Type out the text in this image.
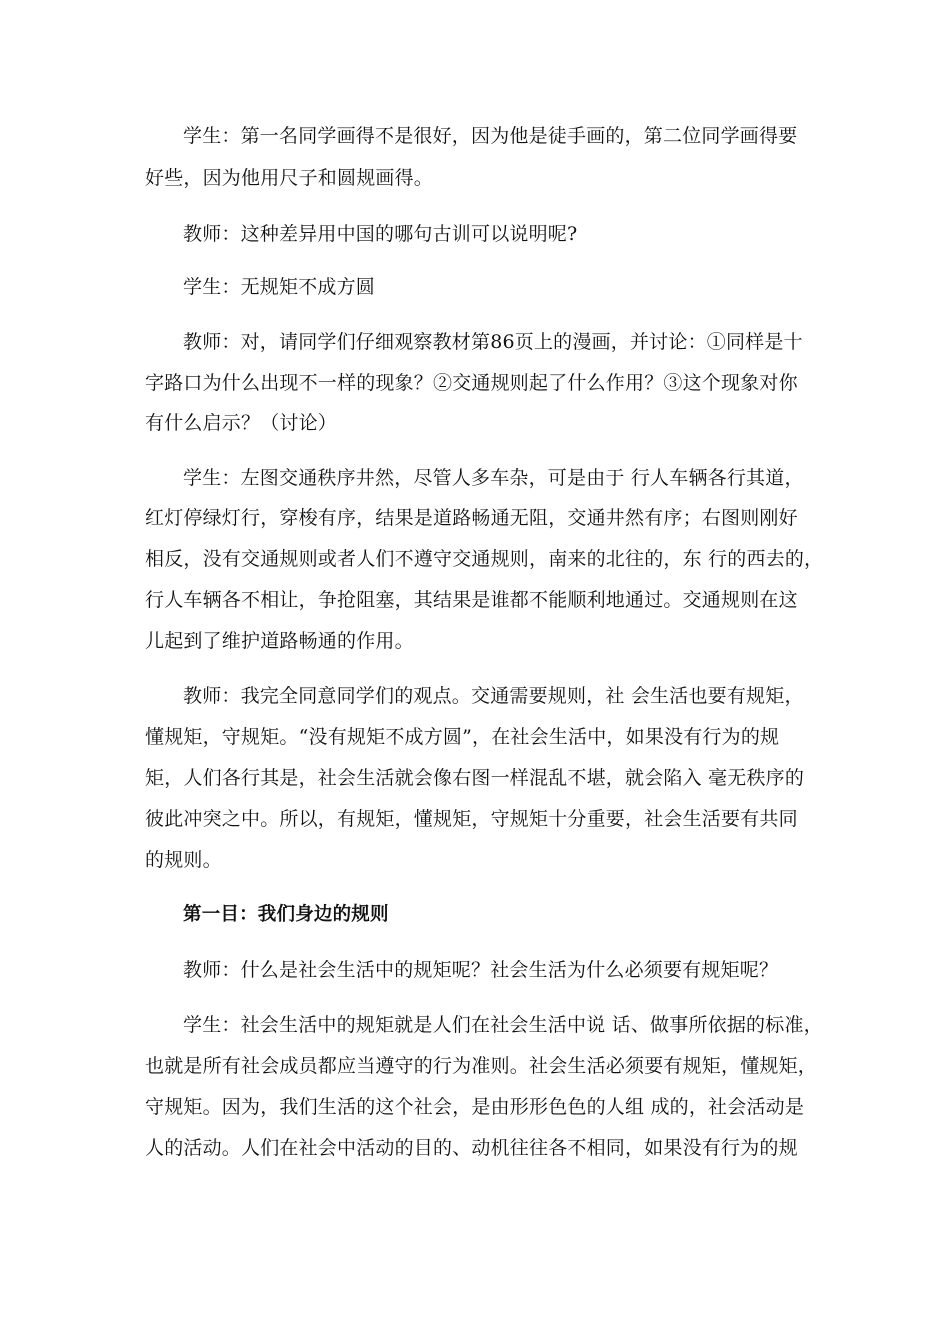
学生：第一名同学画得不是很好，因为他是徒手画的，第二位同学画得要
好些，因为他用尺子和圆规画得。
教师：这种差异用中国的哪句古训可以说明呢?
学生：无规矩不成方圆
教师：对，请同学们仔细观察教材第86页上的漫画，并讨论：①同样是十
字路口为什么出现不一样的现象？②交通规则起了什么作用？③这个现象对你
有什么启示？（讨论）
学生：左图交通秩序井然，尽管人多车杂，可是由于 行人车辆各行其道，
红灯停绿灯行，穿梭有序，结果是道路畅通无阻，交通井然有序；右图则刚好
相反，没有交通规则或者人们不遵守交通规则，南来的北往的，东 行的西去的，
行人车辆各不相让，争抢阻塞，其结果是谁都不能顺利地通过。交通规则在这
儿起到了维护道路畅通的作用。
教师：我完全同意同学们的观点。交通需要规则，社 会生活也要有规矩，
懂规矩，守规矩。“没有规矩不成方圆”，在社会生活中，如果没有行为的规
矩，人们各行其是，社会生活就会像右图一样混乱不堪，就会陷入 毫无秩序的
彼此冲突之中。所以，有规矩，懂规矩，守规矩十分重要，社会生活要有共同
的规则。
第一目：我们身边的规则
教师：什么是社会生活中的规矩呢？社会生活为什么必须要有规矩呢？
学生：社会生活中的规矩就是人们在社会生活中说 话、做事所依据的标准，
也就是所有社会成员都应当遵守的行为准则。社会生活必须要有规矩，懂规矩，
守规矩。因为，我们生活的这个社会，是由形形色色的人组 成的，社会活动是
人的活动。人们在社会中活动的目的、动机往往各不相同，如果没有行为的规
